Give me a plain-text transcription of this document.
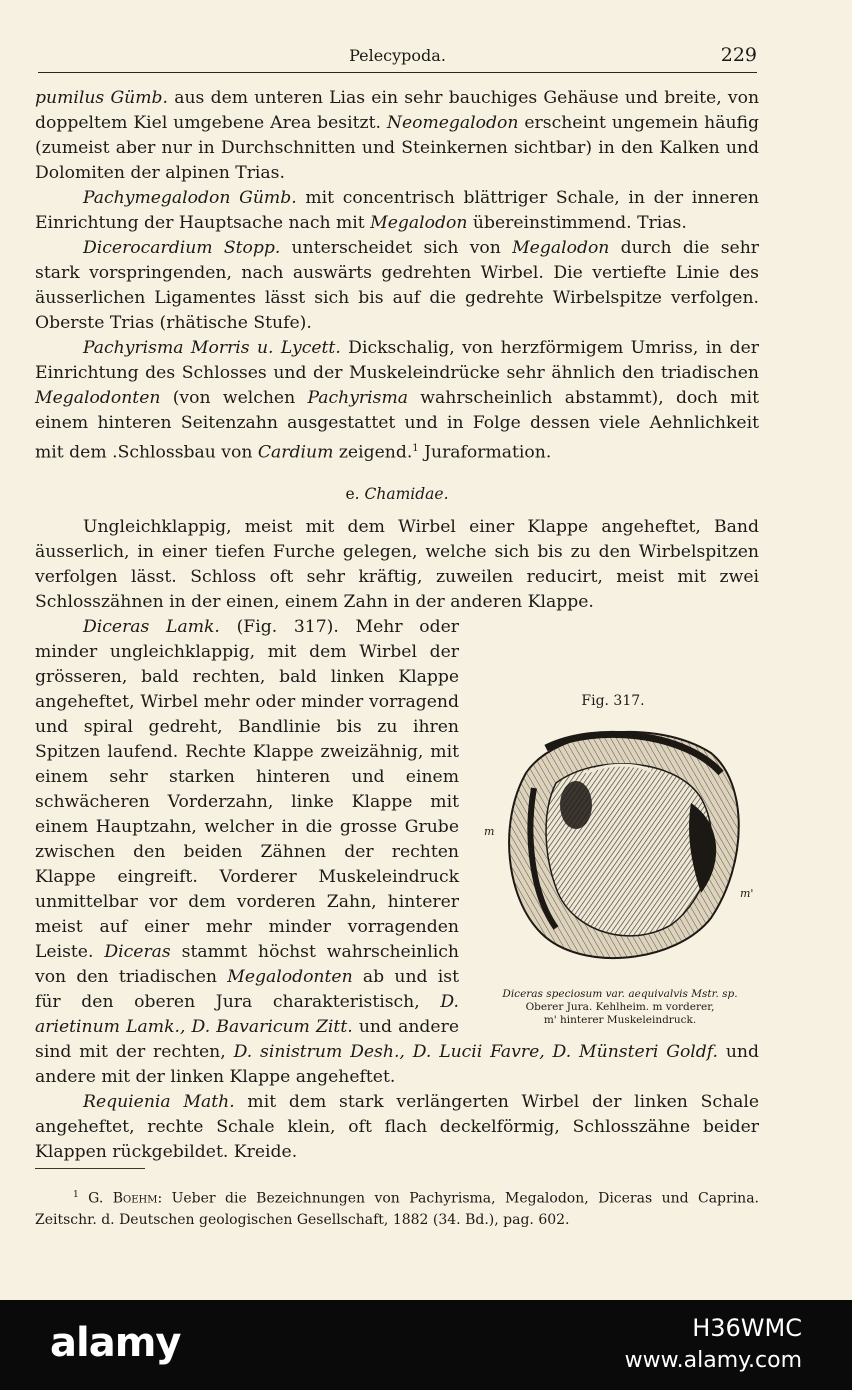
Pelecypoda.	229

pumilus Gümb. aus dem unteren Lias ein sehr bauchiges Gehäuse und breite, von doppeltem Kiel umgebene Area besitzt. Neomegalodon erscheint ungemein häufig (zumeist aber nur in Durchschnitten und Steinkernen sichtbar) in den Kalken und Dolomiten der alpinen Trias.

Pachymegalodon Gümb. mit concentrisch blättriger Schale, in der inneren Einrichtung der Hauptsache nach mit Megalodon übereinstimmend. Trias.

Dicerocardium Stopp. unterscheidet sich von Megalodon durch die sehr stark vorspringenden, nach auswärts gedrehten Wirbel. Die vertiefte Linie des äusserlichen Ligamentes lässt sich bis auf die gedrehte Wirbelspitze verfolgen. Oberste Trias (rhätische Stufe).

Pachyrisma Morris u. Lycett. Dickschalig, von herzförmigem Umriss, in der Einrichtung des Schlosses und der Muskeleindrücke sehr ähnlich den triadischen Megalodonten (von welchen Pachyrisma wahrscheinlich abstammt), doch mit einem hinteren Seitenzahn ausgestattet und in Folge dessen viele Aehnlichkeit mit dem .Schlossbau von Cardium zeigend.$^1$ Juraformation.

e. Chamidae.

Ungleichklappig, meist mit dem Wirbel einer Klappe angeheftet, Band äusserlich, in einer tiefen Furche gelegen, welche sich bis zu den Wirbelspitzen verfolgen lässt. Schloss oft sehr kräftig, zuweilen reducirt, meist mit zwei Schlosszähnen in der einen, einem Zahn in der anderen Klappe.

Diceras Lamk. (Fig. 317). Mehr oder minder ungleichklappig, mit dem Wirbel der grösseren, bald rechten, bald linken Klappe angeheftet, Wirbel mehr oder minder vorragend und spiral gedreht, Bandlinie bis zu ihren Spitzen laufend. Rechte Klappe zweizähnig, mit einem sehr starken hinteren und einem schwächeren Vorderzahn, linke Klappe mit einem Hauptzahn, welcher in die grosse Grube zwischen den beiden Zähnen der rechten Klappe eingreift. Vorderer Muskeleindruck unmittelbar vor dem vorderen Zahn, hinterer meist auf einer mehr minder vorragenden Leiste. Diceras stammt höchst wahrscheinlich von den triadischen Megalodonten ab und ist für den oberen Jura charakteristisch, D. arietinum Lamk., D. Bavaricum Zitt. und andere sind mit der rechten, D. sinistrum Desh., D. Lucii Favre, D. Münsteri Goldf. und andere mit der linken Klappe angeheftet.

Requienia Math. mit dem stark verlängerten Wirbel der linken Schale angeheftet, rechte Schale klein, oft flach deckelförmig, Schlosszähne beider Klappen rückgebildet. Kreide.

Fig. 317.
m
m'
Diceras speciosum var. aequivalvis Mstr. sp.
Oberer Jura. Kehlheim. m vorderer,
m' hinterer Muskeleindruck.

$^1$ G. Boehm: Ueber die Bezeichnungen von Pachyrisma, Megalodon, Diceras und Caprina. Zeitschr. d. Deutschen geologischen Gesellschaft, 1882 (34. Bd.), pag. 602.

alamy	H36WMC
www.alamy.com
